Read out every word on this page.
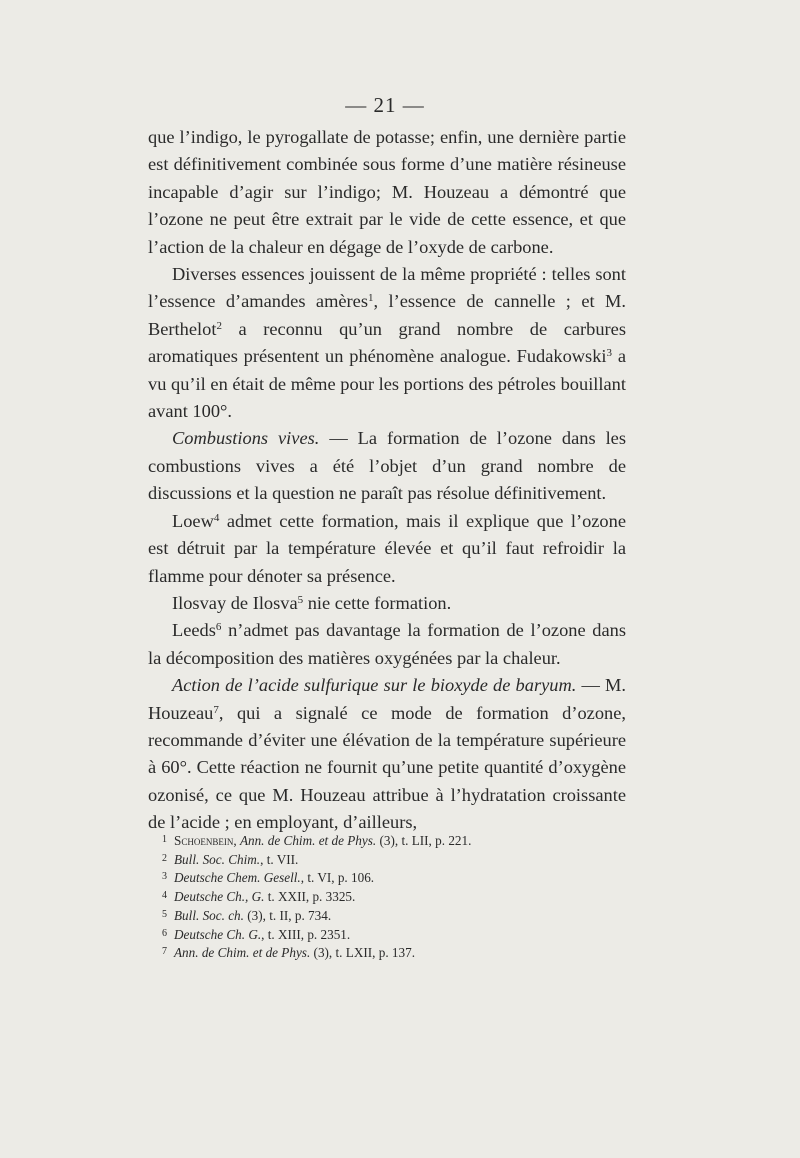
— 21 —

que l’indigo, le pyrogallate de potasse; enfin, une dernière partie est définitivement combinée sous forme d’une matière résineuse incapable d’agir sur l’indigo; M. Houzeau a démontré que l’ozone ne peut être extrait par le vide de cette essence, et que l’action de la chaleur en dégage de l’oxyde de carbone.

Diverses essences jouissent de la même propriété : telles sont l’essence d’amandes amères$^1$, l’essence de cannelle ; et M. Berthelot$^2$ a reconnu qu’un grand nombre de carbures aromatiques présentent un phénomène analogue. Fudakowski$^3$ a vu qu’il en était de même pour les portions des pétroles bouillant avant 100°.

Combustions vives. — La formation de l’ozone dans les combustions vives a été l’objet d’un grand nombre de discussions et la question ne paraît pas résolue définitivement.

Loew$^4$ admet cette formation, mais il explique que l’ozone est détruit par la température élevée et qu’il faut refroidir la flamme pour dénoter sa présence.

Ilosvay de Ilosva$^5$ nie cette formation.

Leeds$^6$ n’admet pas davantage la formation de l’ozone dans la décomposition des matières oxygénées par la chaleur.

Action de l’acide sulfurique sur le bioxyde de baryum. — M. Houzeau$^7$, qui a signalé ce mode de formation d’ozone, recommande d’éviter une élévation de la température supérieure à 60°. Cette réaction ne fournit qu’une petite quantité d’oxygène ozonisé, ce que M. Houzeau attribue à l’hydratation croissante de l’acide ; en employant, d’ailleurs,

1 Schoenbein, Ann. de Chim. et de Phys. (3), t. LII, p. 221.
2 Bull. Soc. Chim., t. VII.
3 Deutsche Chem. Gesell., t. VI, p. 106.
4 Deutsche Ch., G. t. XXII, p. 3325.
5 Bull. Soc. ch. (3), t. II, p. 734.
6 Deutsche Ch. G., t. XIII, p. 2351.
7 Ann. de Chim. et de Phys. (3), t. LXII, p. 137.
